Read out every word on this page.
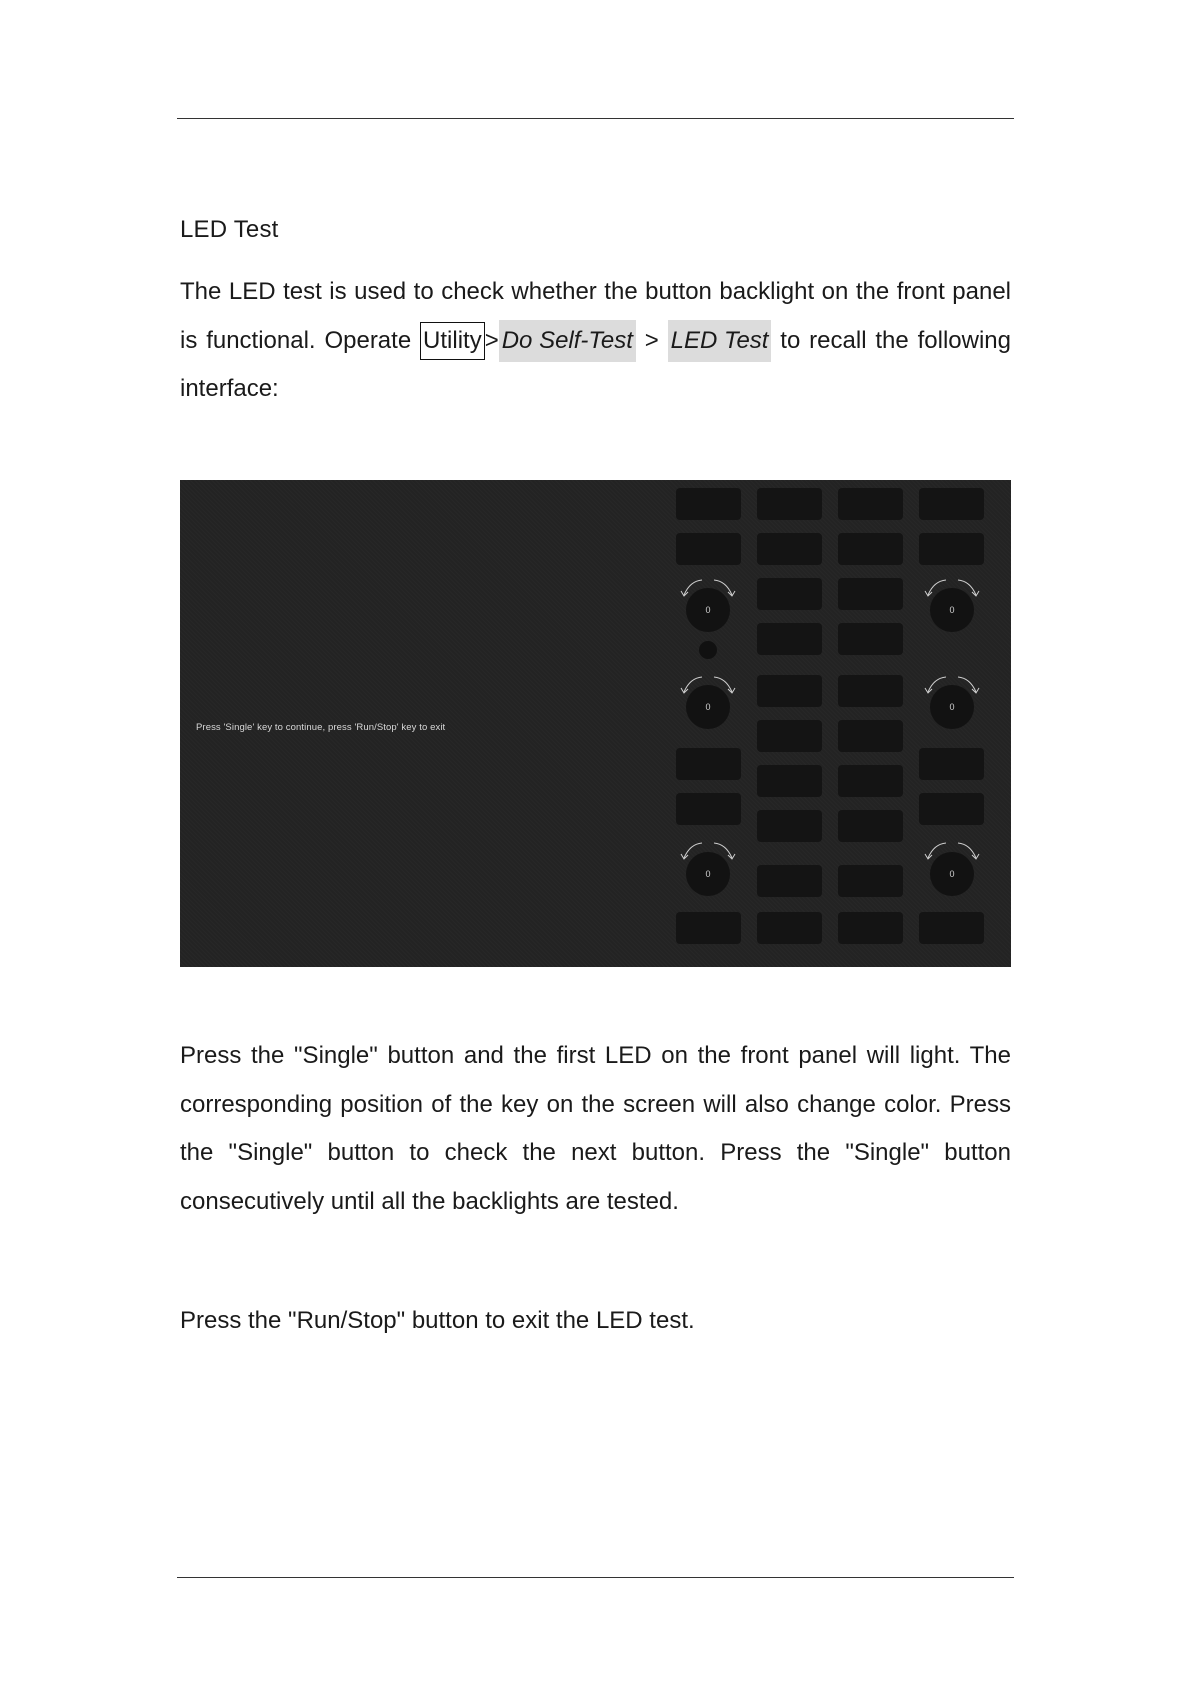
LED Test

The LED test is used to check whether the button backlight on the front panel is functional. Operate Utility > Do Self-Test > LED Test to recall the following interface:

Press 'Single' key to continue, press 'Run/Stop' key to exit
0
0
0
0
0
0

Press the "Single" button and the first LED on the front panel will light. The corresponding position of the key on the screen will also change color. Press the "Single" button to check the next button. Press the "Single" button consecutively until all the backlights are tested.

Press the "Run/Stop" button to exit the LED test.
